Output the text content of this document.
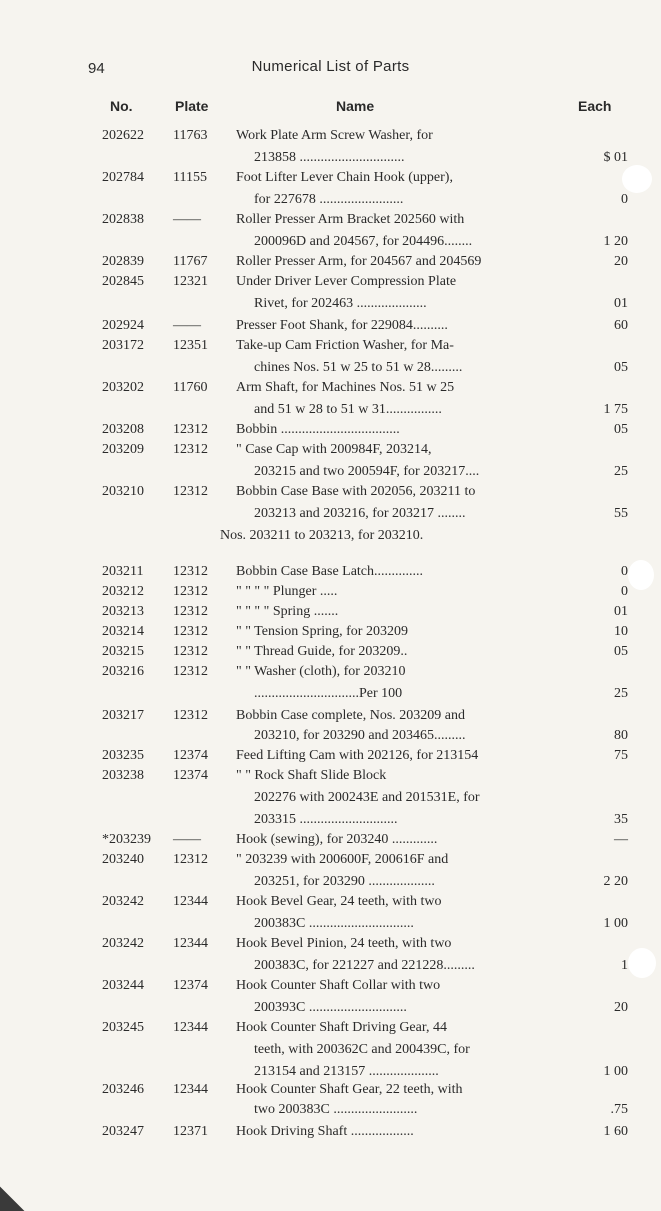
94	Numerical List of Parts
No.	Plate	Name	Each
202622	11763	Work Plate Arm Screw Washer, for
213858 ..............................	$ 01
202784	11155	Foot Lifter Lever Chain Hook (upper),
for 227678 ........................	0
202838	——	Roller Presser Arm Bracket 202560 with
200096D and 204567, for 204496........	1 20
202839	11767	Roller Presser Arm, for 204567 and 204569	20
202845	12321	Under Driver Lever Compression Plate
Rivet, for 202463 ....................	01
202924	——	Presser Foot Shank, for 229084..........	60
203172	12351	Take-up Cam Friction Washer, for Ma-
chines Nos. 51 w 25 to 51 w 28.........	05
203202	11760	Arm Shaft, for Machines Nos. 51 w 25
and 51 w 28 to 51 w 31................	1 75
203208	12312	Bobbin ..................................	05
203209	12312	" Case Cap with 200984F, 203214,
203215 and two 200594F, for 203217....	25
203210	12312	Bobbin Case Base with 202056, 203211 to
203213 and 203216, for 203217 ........	55
Nos. 203211 to 203213, for 203210.
203211	12312	Bobbin Case Base Latch..............	0
203212	12312	" " " " Plunger .....	0
203213	12312	" " " " Spring .......	01
203214	12312	" " Tension Spring, for 203209	10
203215	12312	" " Thread Guide, for 203209..	05
203216	12312	" " Washer (cloth), for 203210
..............................Per 100	25
203217	12312	Bobbin Case complete, Nos. 203209 and
203210, for 203290 and 203465.........	80
203235	12374	Feed Lifting Cam with 202126, for 213154	75
203238	12374	" " Rock Shaft Slide Block
202276 with 200243E and 201531E, for
203315 ............................	35
*203239	——	Hook (sewing), for 203240 .............	—
203240	12312	" 203239 with 200600F, 200616F and
203251, for 203290 ...................	2 20
203242	12344	Hook Bevel Gear, 24 teeth, with two
200383C ..............................	1 00
203242	12344	Hook Bevel Pinion, 24 teeth, with two
200383C, for 221227 and 221228.........	1
203244	12374	Hook Counter Shaft Collar with two
200393C ............................	20
203245	12344	Hook Counter Shaft Driving Gear, 44
teeth, with 200362C and 200439C, for
213154 and 213157 ....................	1 00
203246	12344	Hook Counter Shaft Gear, 22 teeth, with
two 200383C ........................	.75
203247	12371	Hook Driving Shaft ..................	1 60
